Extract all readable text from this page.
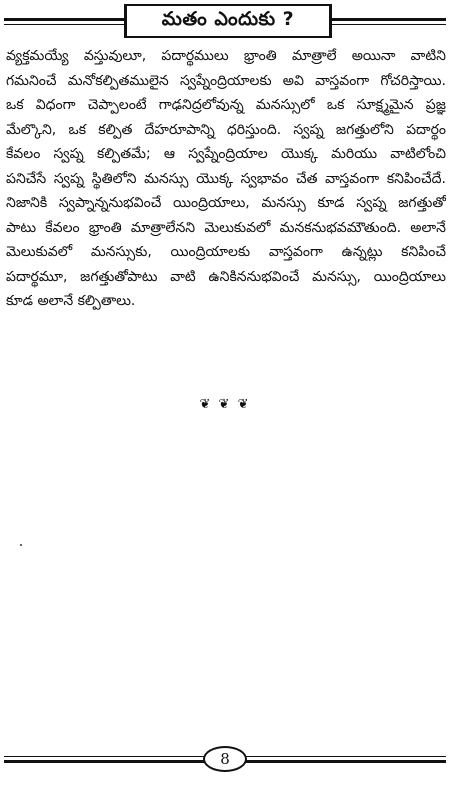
మతం ఎందుకు ?
వ్యక్తమయ్యే వస్తువులూ, పదార్థములు భ్రాంతి మాత్రాలే అయినా వాటిని
గమనించే మనోకల్పితములైన స్వప్నేంద్రియాలకు అవి వాస్తవంగా గోచరిస్తాయి.
ఒక విధంగా చెప్పాలంటే గాఢనిద్రలోవున్న మనస్సులో ఒక సూక్ష్మమైన ప్రజ్ఞ
మేల్కొని, ఒక కల్పిత దేహరూపాన్ని ధరిస్తుంది. స్వప్న జగత్తులోని పదార్థం
కేవలం స్వప్న కల్పితమే; ఆ స్వప్నేంద్రియాల యొక్క మరియు వాటిలోంచి
పనిచేసే స్వప్న స్థితిలోని మనస్సు యొక్క స్వభావం చేత వాస్తవంగా కనిపించేదే.
నిజానికి స్వప్నాన్ననుభవించే యింద్రియాలు, మనస్సు కూడ స్వప్న జగత్తుతో
పాటు కేవలం భ్రాంతి మాత్రాలేనని మెలుకువలో మనకనుభవమౌతుంది. అలానే
మెలుకువలో మనస్సుకు, యింద్రియాలకు వాస్తవంగా ఉన్నట్లు కనిపించే
పదార్థమూ, జగత్తుతోపాటు వాటి ఉనికిననుభవించే మనస్సు, యింద్రియాలు
కూడ అలానే కల్పితాలు.
❦ ❦ ❦
8
